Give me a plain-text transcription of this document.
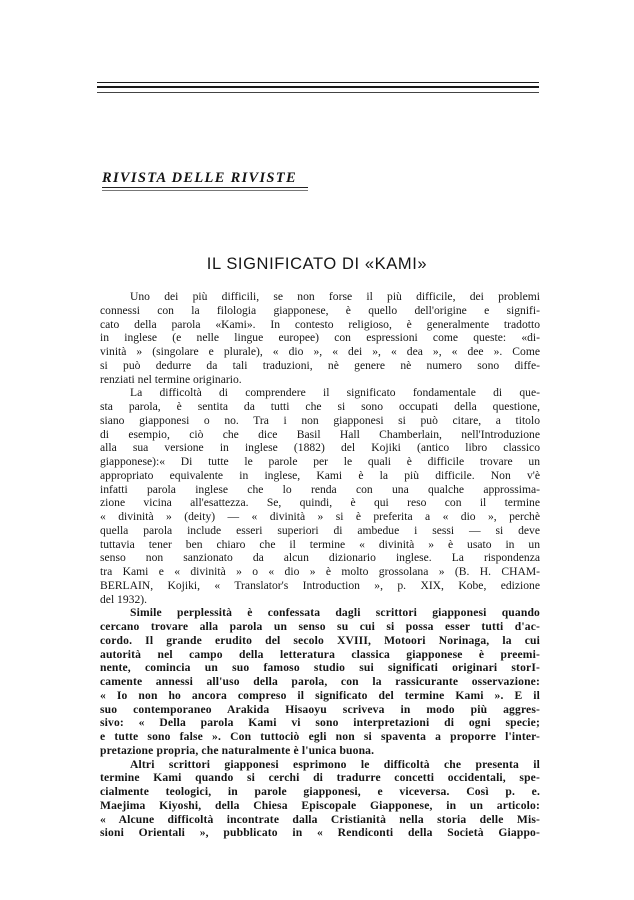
RIVISTA DELLE RIVISTE
IL SIGNIFICATO DI «KAMI»
Uno dei più difficili, se non forse il più difficile, dei problemi
connessi con la filologia giapponese, è quello dell'origine e signifi-
cato della parola «Kami». In contesto religioso, è generalmente tradotto
in inglese (e nelle lingue europee) con espressioni come queste: «di-
vinità » (singolare e plurale), « dio », « dei », « dea », « dee ». Come
si può dedurre da tali traduzioni, nè genere nè numero sono diffe-
renziati nel termine originario.
La difficoltà di comprendere il significato fondamentale di que-
sta parola, è sentita da tutti che si sono occupati della questione,
siano giapponesi o no. Tra i non giapponesi si può citare, a titolo
di esempio, ciò che dice Basil Hall Chamberlain, nell'Introduzione
alla sua versione in inglese (1882) del Kojiki (antico libro classico
giapponese):« Di tutte le parole per le quali è difficile trovare un
appropriato equivalente in inglese, Kami è la più difficile. Non v'è
infatti parola inglese che lo renda con una qualche approssima-
zione vicina all'esattezza. Se, quindi, è qui reso con il termine
« divinità » (deity) — « divinità » si è preferita a « dio », perchè
quella parola include esseri superiori di ambedue i sessi — si deve
tuttavia tener ben chiaro che il termine « divinità » è usato in un
senso non sanzionato da alcun dizionario inglese. La rispondenza
tra Kami e « divinità » o « dio » è molto grossolana » (B. H. CHAM-
BERLAIN, Kojiki, « Translator's Introduction », p. XIX, Kobe, edizione
del 1932).
Simile perplessità è confessata dagli scrittori giapponesi quando
cercano trovare alla parola un senso su cui si possa esser tutti d'ac-
cordo. Il grande erudito del secolo XVIII, Motoori Norinaga, la cui
autorità nel campo della letteratura classica giapponese è preemi-
nente, comincia un suo famoso studio sui significati originari storI-
camente annessi all'uso della parola, con la rassicurante osservazione:
« Io non ho ancora compreso il significato del termine Kami ». E il
suo contemporaneo Arakida Hisaoyu scriveva in modo più aggres-
sivo: « Della parola Kami vi sono interpretazioni di ogni specie;
e tutte sono false ». Con tuttociò egli non si spaventa a proporre l'inter-
pretazione propria, che naturalmente è l'unica buona.
Altri scrittori giapponesi esprimono le difficoltà che presenta il
termine Kami quando si cerchi di tradurre concetti occidentali, spe-
cialmente teologici, in parole giapponesi, e viceversa. Così p. e.
Maejima Kiyoshi, della Chiesa Episcopale Giapponese, in un articolo:
« Alcune difficoltà incontrate dalla Cristianità nella storia delle Mis-
sioni Orientali », pubblicato in « Rendiconti della Società Giappo-
